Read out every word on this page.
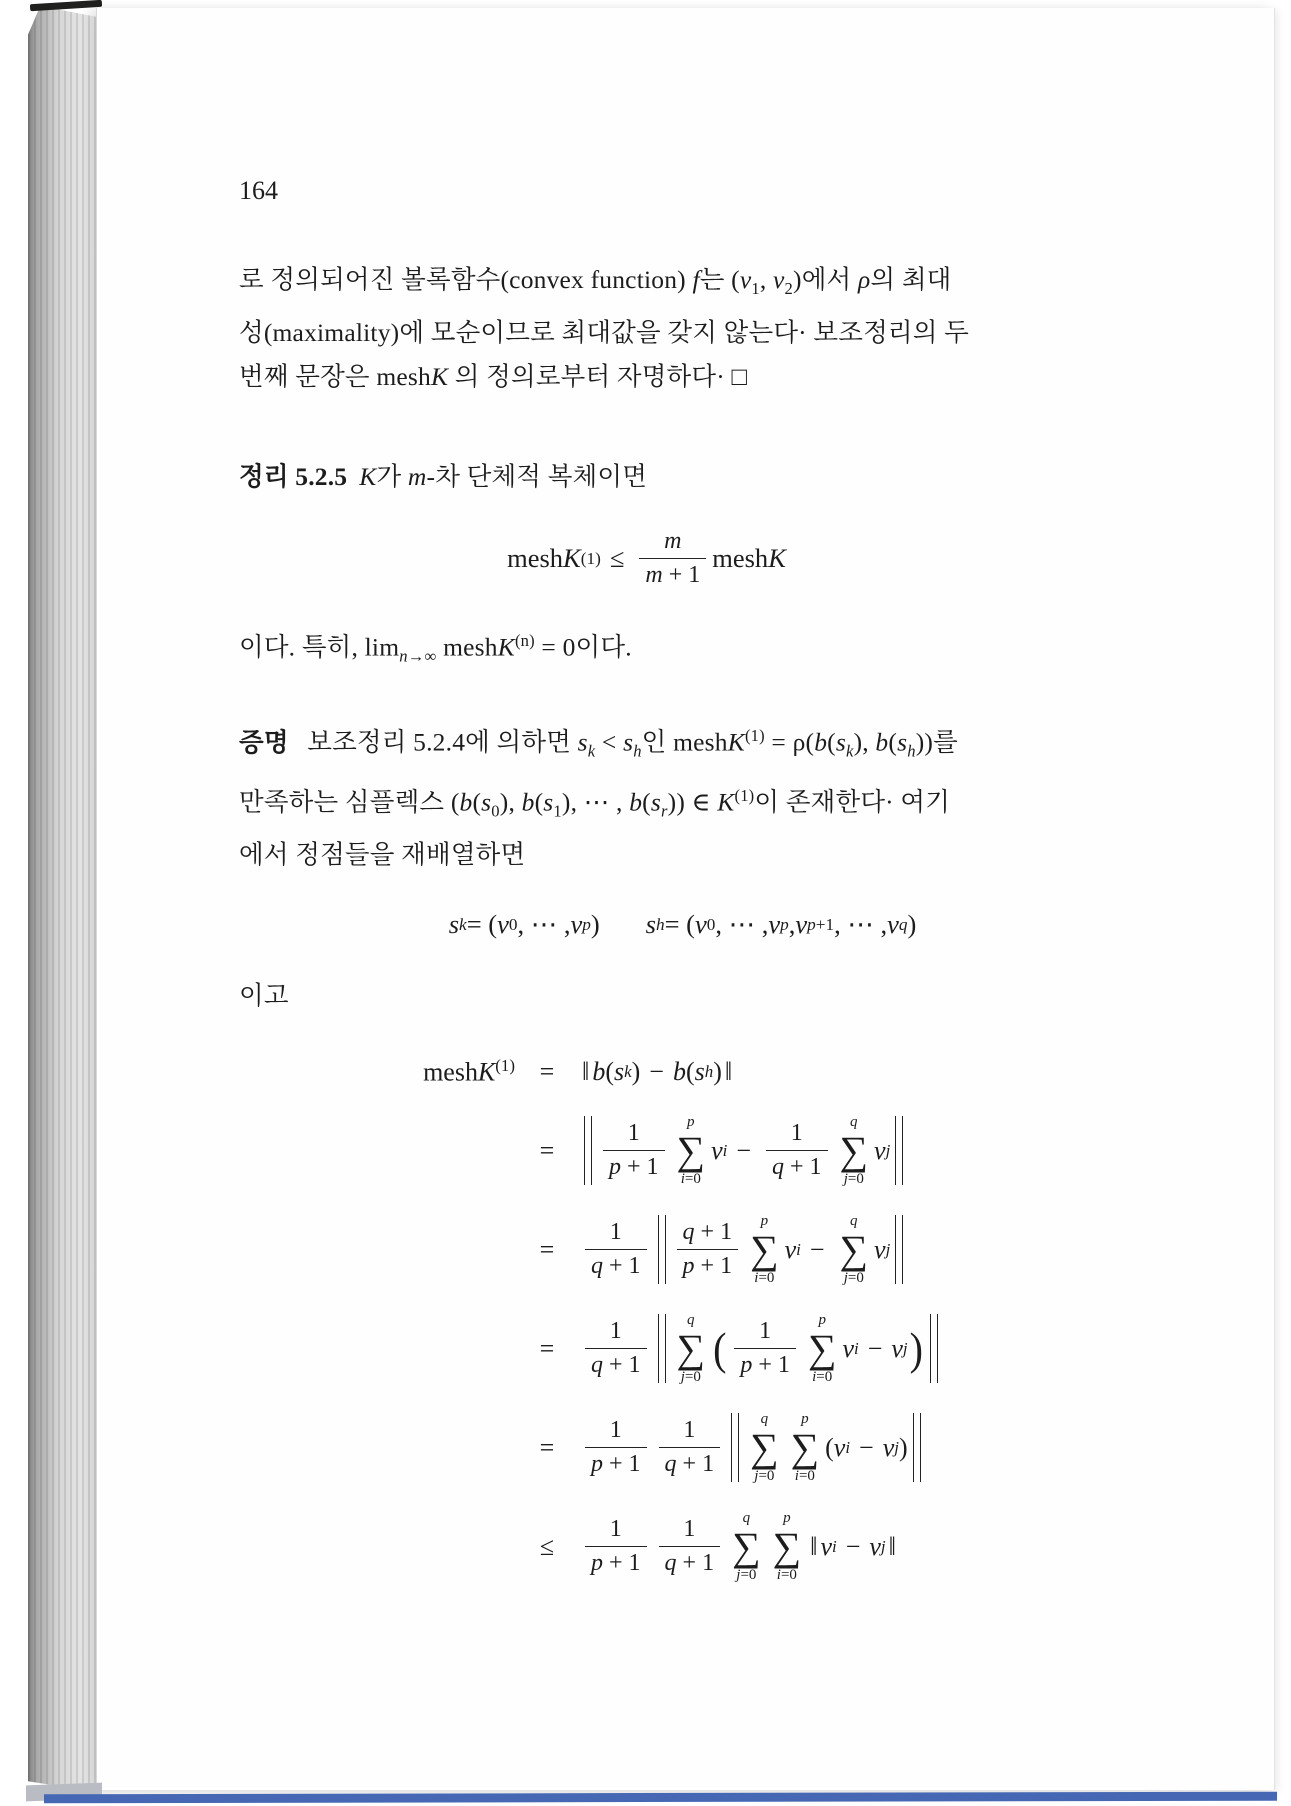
164
로 정의되어진 볼록함수(convex function) f는 ($v_1$, $v_2$)에서 ρ의 최대
성(maximality)에 모순이므로 최대값을 갖지 않는다· 보조정리의 두
번째 문장은 meshK 의 정의로부터 자명하다· □
정리 5.2.5 K가 m-차 단체적 복체이면
mesh K $(1) \le \frac{m}{m + 1}$ mesh K
이다. 특히, $\lim_{n\to\infty}$ meshK$^{(n)}$ = 0이다.
증명 보조정리 5.2.4에 의하면 $s_k < s_h$인 meshK$^{(1)}$ = $\rho(b(s_k)$, $b(s_h)$)를
만족하는 심플렉스 ($b(s_0)$, $b(s_1)$, ⋯ , $b(s_r)$) ∈ $K^{(1)}$이 존재한다· 여기
에서 정점들을 재배열하면
s k = ( v 0 , ⋯ , v p ) s h = ( v 0 , ⋯ , v p , v p+1 , ⋯ , v q )
이고
meshK$^{(1)}$ = ‖ b ( s k ) − b ( s h ) ‖
= $\frac{1}{p + 1}$ p
∑
i=0
v $i - \frac{1}{q + 1}$ q
∑
j=0
v j
= $\frac{1}{q + 1} \frac{q + 1}{p + 1}$ p
∑
i=0
v i −
q
∑
j=0
v j
= $\frac{1}{q + 1}$	q
∑
j=0
( $\frac{1}{p + 1}$ p
∑
i=0
v i − v j )
= $\frac{1}{p + 1} \frac{1}{q + 1}$	q
∑
j=0
p
∑
i=0
( v i − v j )
≤ $\frac{1}{p + 1} \frac{1}{q + 1}$ q
∑
j=0
p
∑
i=0
‖ v i − v j ‖
